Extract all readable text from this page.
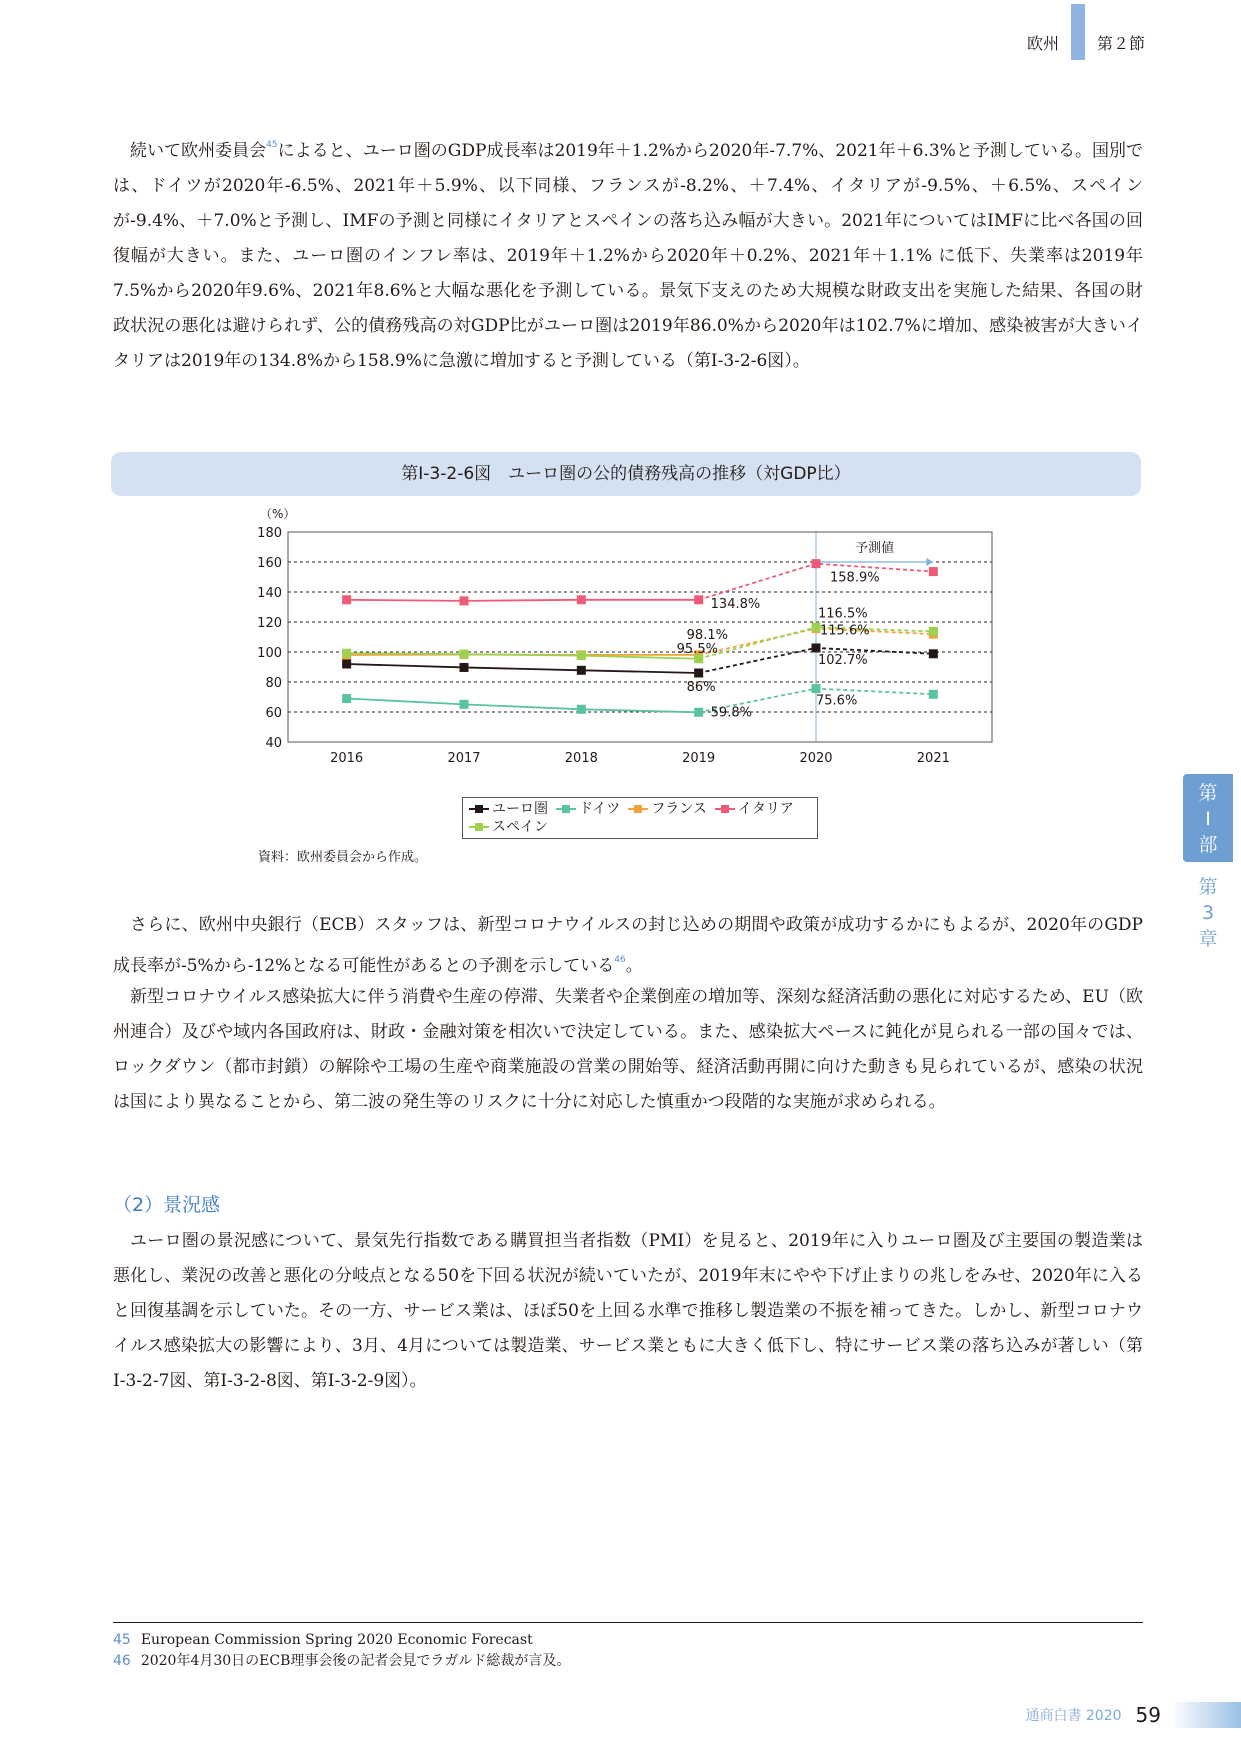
欧州	第２節

続いて欧州委員会$^{45}$によると、ユーロ圏のGDP成長率は2019年＋1.2%から2020年-7.7%、2021年＋6.3%と予測している。国別では、ドイツが2020年-6.5%、2021年＋5.9%、以下同様、フランスが-8.2%、＋7.4%、イタリアが-9.5%、＋6.5%、スペインが-9.4%、＋7.0%と予測し、IMFの予測と同様にイタリアとスペインの落ち込み幅が大きい。2021年についてはIMFに比べ各国の回復幅が大きい。また、ユーロ圏のインフレ率は、2019年＋1.2%から2020年＋0.2%、2021年＋1.1% に低下、失業率は2019年7.5%から2020年9.6%、2021年8.6%と大幅な悪化を予測している。景気下支えのため大規模な財政支出を実施した結果、各国の財政状況の悪化は避けられず、公的債務残高の対GDP比がユーロ圏は2019年86.0%から2020年は102.7%に増加、感染被害が大きいイタリアは2019年の134.8%から158.9%に急激に増加すると予測している（第Ⅰ-3-2-6図）。

第Ⅰ-3-2-6図　ユーロ圏の公的債務残高の推移（対GDP比）
予測値
40
60
80
100
120
140
160
180
（%）
2016	2017	2018	2019	2020	2021
158.9%
134.8%
116.5%
115.6%
102.7%
98.1%
95.5%
86%
75.6%
59.8%
ユーロ圏 ドイツ フランス イタリア
スペイン
資料：欧州委員会から作成。

さらに、欧州中央銀行（ECB）スタッフは、新型コロナウイルスの封じ込めの期間や政策が成功するかにもよるが、2020年のGDP成長率が-5%から-12%となる可能性があるとの予測を示している$^{46}$。

新型コロナウイルス感染拡大に伴う消費や生産の停滞、失業者や企業倒産の増加等、深刻な経済活動の悪化に対応するため、EU（欧州連合）及びや域内各国政府は、財政・金融対策を相次いで決定している。また、感染拡大ペースに鈍化が見られる一部の国々では、ロックダウン（都市封鎖）の解除や工場の生産や商業施設の営業の開始等、経済活動再開に向けた動きも見られているが、感染の状況は国により異なることから、第二波の発生等のリスクに十分に対応した慎重かつ段階的な実施が求められる。

（2）景況感

ユーロ圏の景況感について、景気先行指数である購買担当者指数（PMI）を見ると、2019年に入りユーロ圏及び主要国の製造業は悪化し、業況の改善と悪化の分岐点となる50を下回る状況が続いていたが、2019年末にやや下げ止まりの兆しをみせ、2020年に入ると回復基調を示していた。その一方、サービス業は、ほぼ50を上回る水準で推移し製造業の不振を補ってきた。しかし、新型コロナウイルス感染拡大の影響により、3月、4月については製造業、サービス業ともに大きく低下し、特にサービス業の落ち込みが著しい（第Ⅰ-3-2-7図、第Ⅰ-3-2-8図、第Ⅰ-3-2-9図）。

第
Ⅰ
部
第
3
章
45 European Commission Spring 2020 Economic Forecast
46 2020年4月30日のECB理事会後の記者会見でラガルド総裁が言及。
通商白書 2020 59
